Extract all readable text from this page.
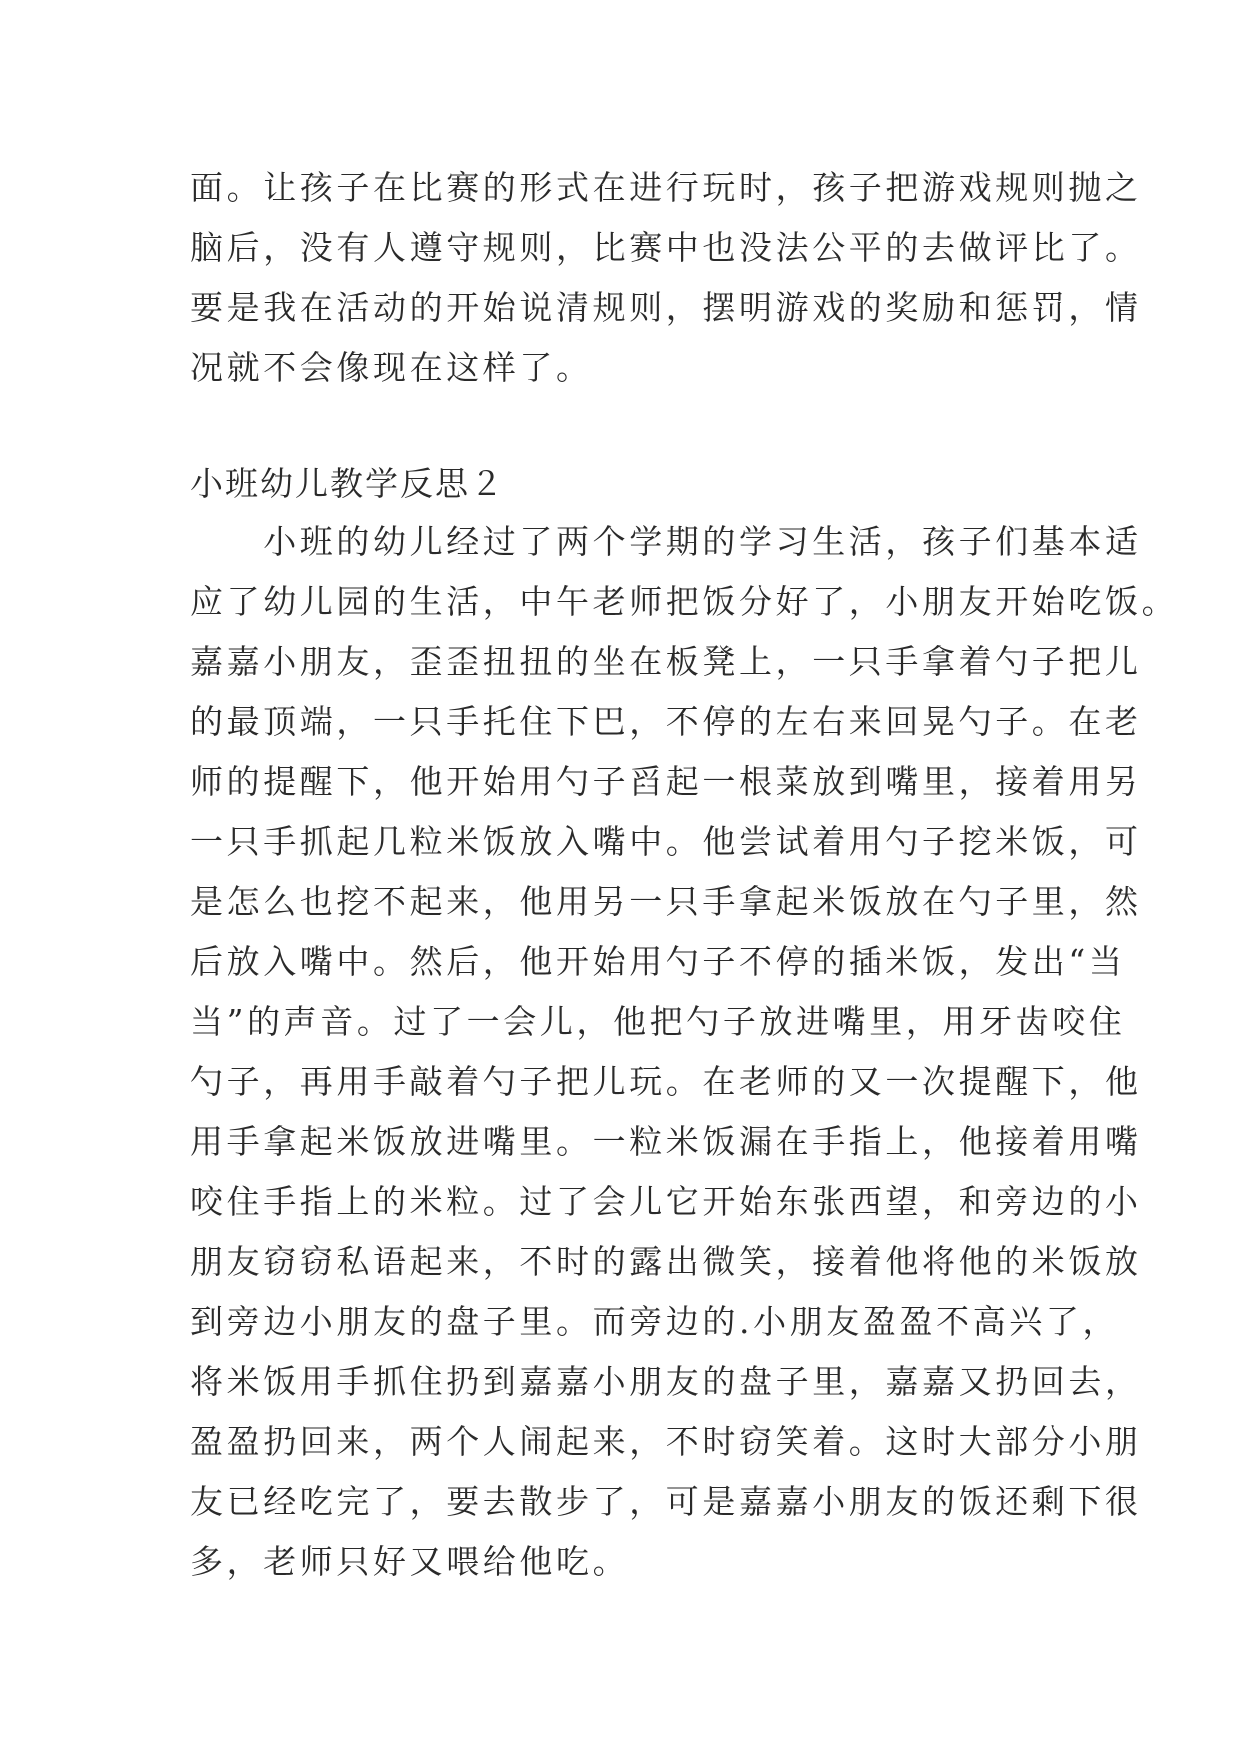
面。让孩子在比赛的形式在进行玩时，孩子把游戏规则抛之
脑后，没有人遵守规则，比赛中也没法公平的去做评比了。
要是我在活动的开始说清规则，摆明游戏的奖励和惩罚，情
况就不会像现在这样了。
小班幼儿教学反思２
　　小班的幼儿经过了两个学期的学习生活，孩子们基本适
应了幼儿园的生活，中午老师把饭分好了，小朋友开始吃饭。
嘉嘉小朋友，歪歪扭扭的坐在板凳上，一只手拿着勺子把儿
的最顶端，一只手托住下巴，不停的左右来回晃勺子。在老
师的提醒下，他开始用勺子舀起一根菜放到嘴里，接着用另
一只手抓起几粒米饭放入嘴中。他尝试着用勺子挖米饭，可
是怎么也挖不起来，他用另一只手拿起米饭放在勺子里，然
后放入嘴中。然后，他开始用勺子不停的插米饭，发出“当
当”的声音。过了一会儿，他把勺子放进嘴里，用牙齿咬住
勺子，再用手敲着勺子把儿玩。在老师的又一次提醒下，他
用手拿起米饭放进嘴里。一粒米饭漏在手指上，他接着用嘴
咬住手指上的米粒。过了会儿它开始东张西望，和旁边的小
朋友窃窃私语起来，不时的露出微笑，接着他将他的米饭放
到旁边小朋友的盘子里。而旁边的.小朋友盈盈不高兴了，
将米饭用手抓住扔到嘉嘉小朋友的盘子里，嘉嘉又扔回去，
盈盈扔回来，两个人闹起来，不时窃笑着。这时大部分小朋
友已经吃完了，要去散步了，可是嘉嘉小朋友的饭还剩下很
多，老师只好又喂给他吃。
